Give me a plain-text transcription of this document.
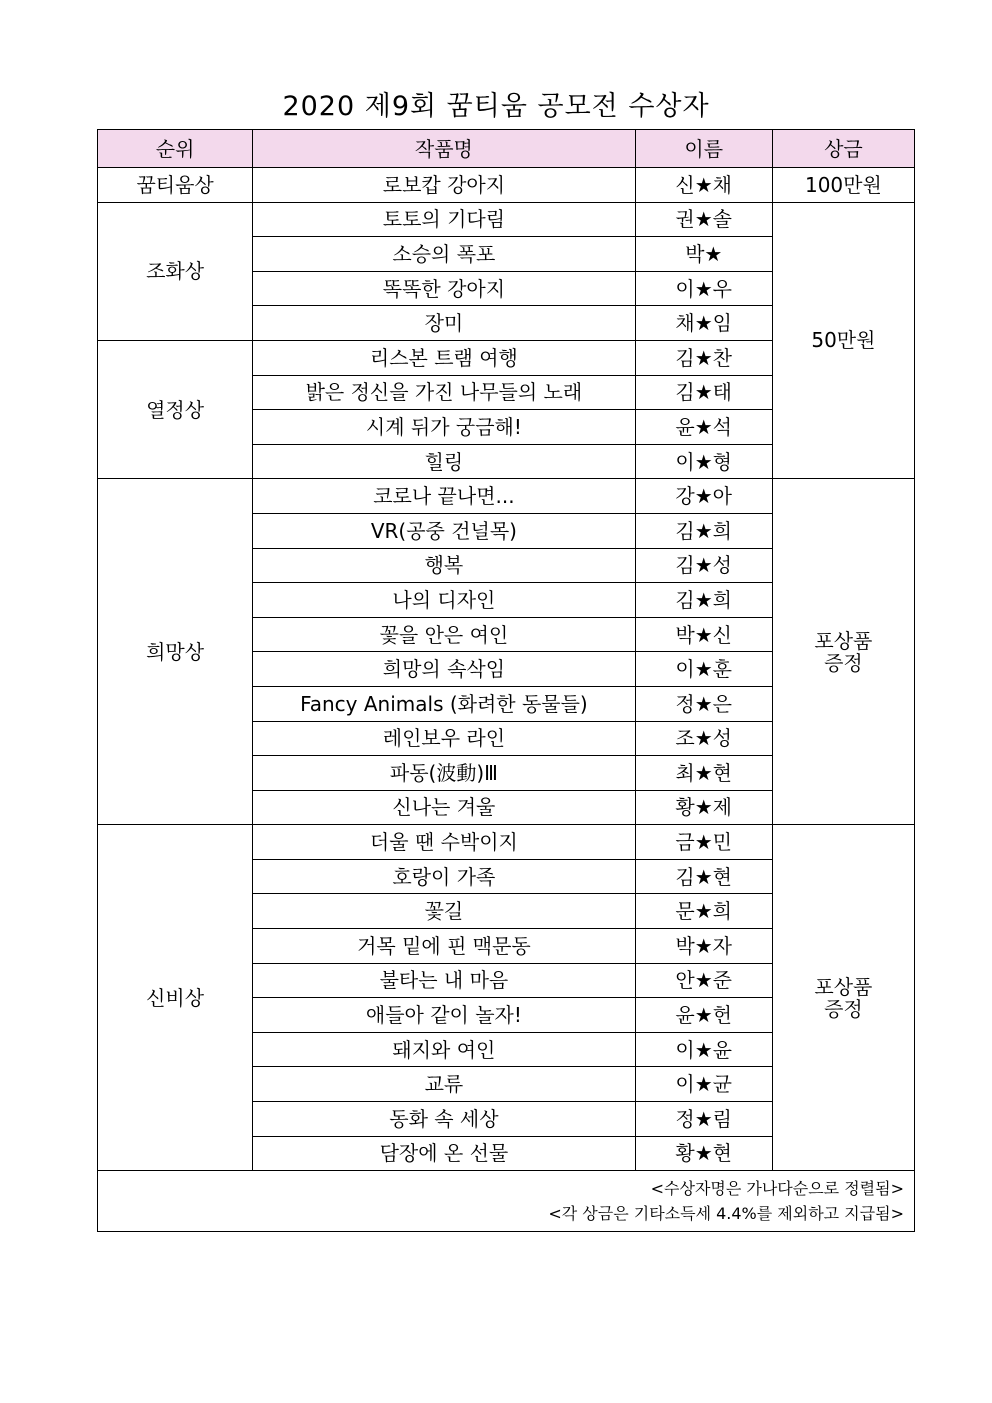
2020 제9회 꿈티움 공모전 수상자
순위	작품명	이름	상금
꿈티움상	로보캅 강아지	신★채	100만원
조화상	토토의 기다림	권★솔	50만원
	소승의 폭포	박★	
	똑똑한 강아지	이★우	
	장미	채★임	
열정상	리스본 트램 여행	김★찬	
	밝은 정신을 가진 나무들의 노래	김★태	
	시계 뒤가 궁금해!	윤★석	
	힐링	이★형	
희망상	코로나 끝나면...	강★아	포상품
증정

	VR(공중 건널목)	김★희	
	행복	김★성	
	나의 디자인	김★희	
	꽃을 안은 여인	박★신	
	희망의 속삭임	이★훈	
	Fancy Animals (화려한 동물들)	정★은	
	레인보우 라인	조★성	
	파동(波動)Ⅲ	최★현	
	신나는 겨울	황★제	
신비상	더울 땐 수박이지	금★민	포상품
증정

	호랑이 가족	김★현	
	꽃길	문★희	
	거목 밑에 핀 맥문동	박★자	
	불타는 내 마음	안★준	
	애들아 같이 놀자!	윤★헌	
	돼지와 여인	이★윤	
	교류	이★균	
	동화 속 세상	정★림	
	담장에 온 선물	황★현	

<수상자명은 가나다순으로 정렬됨>
<각 상금은 기타소득세 4.4%를 제외하고 지급됨>			
